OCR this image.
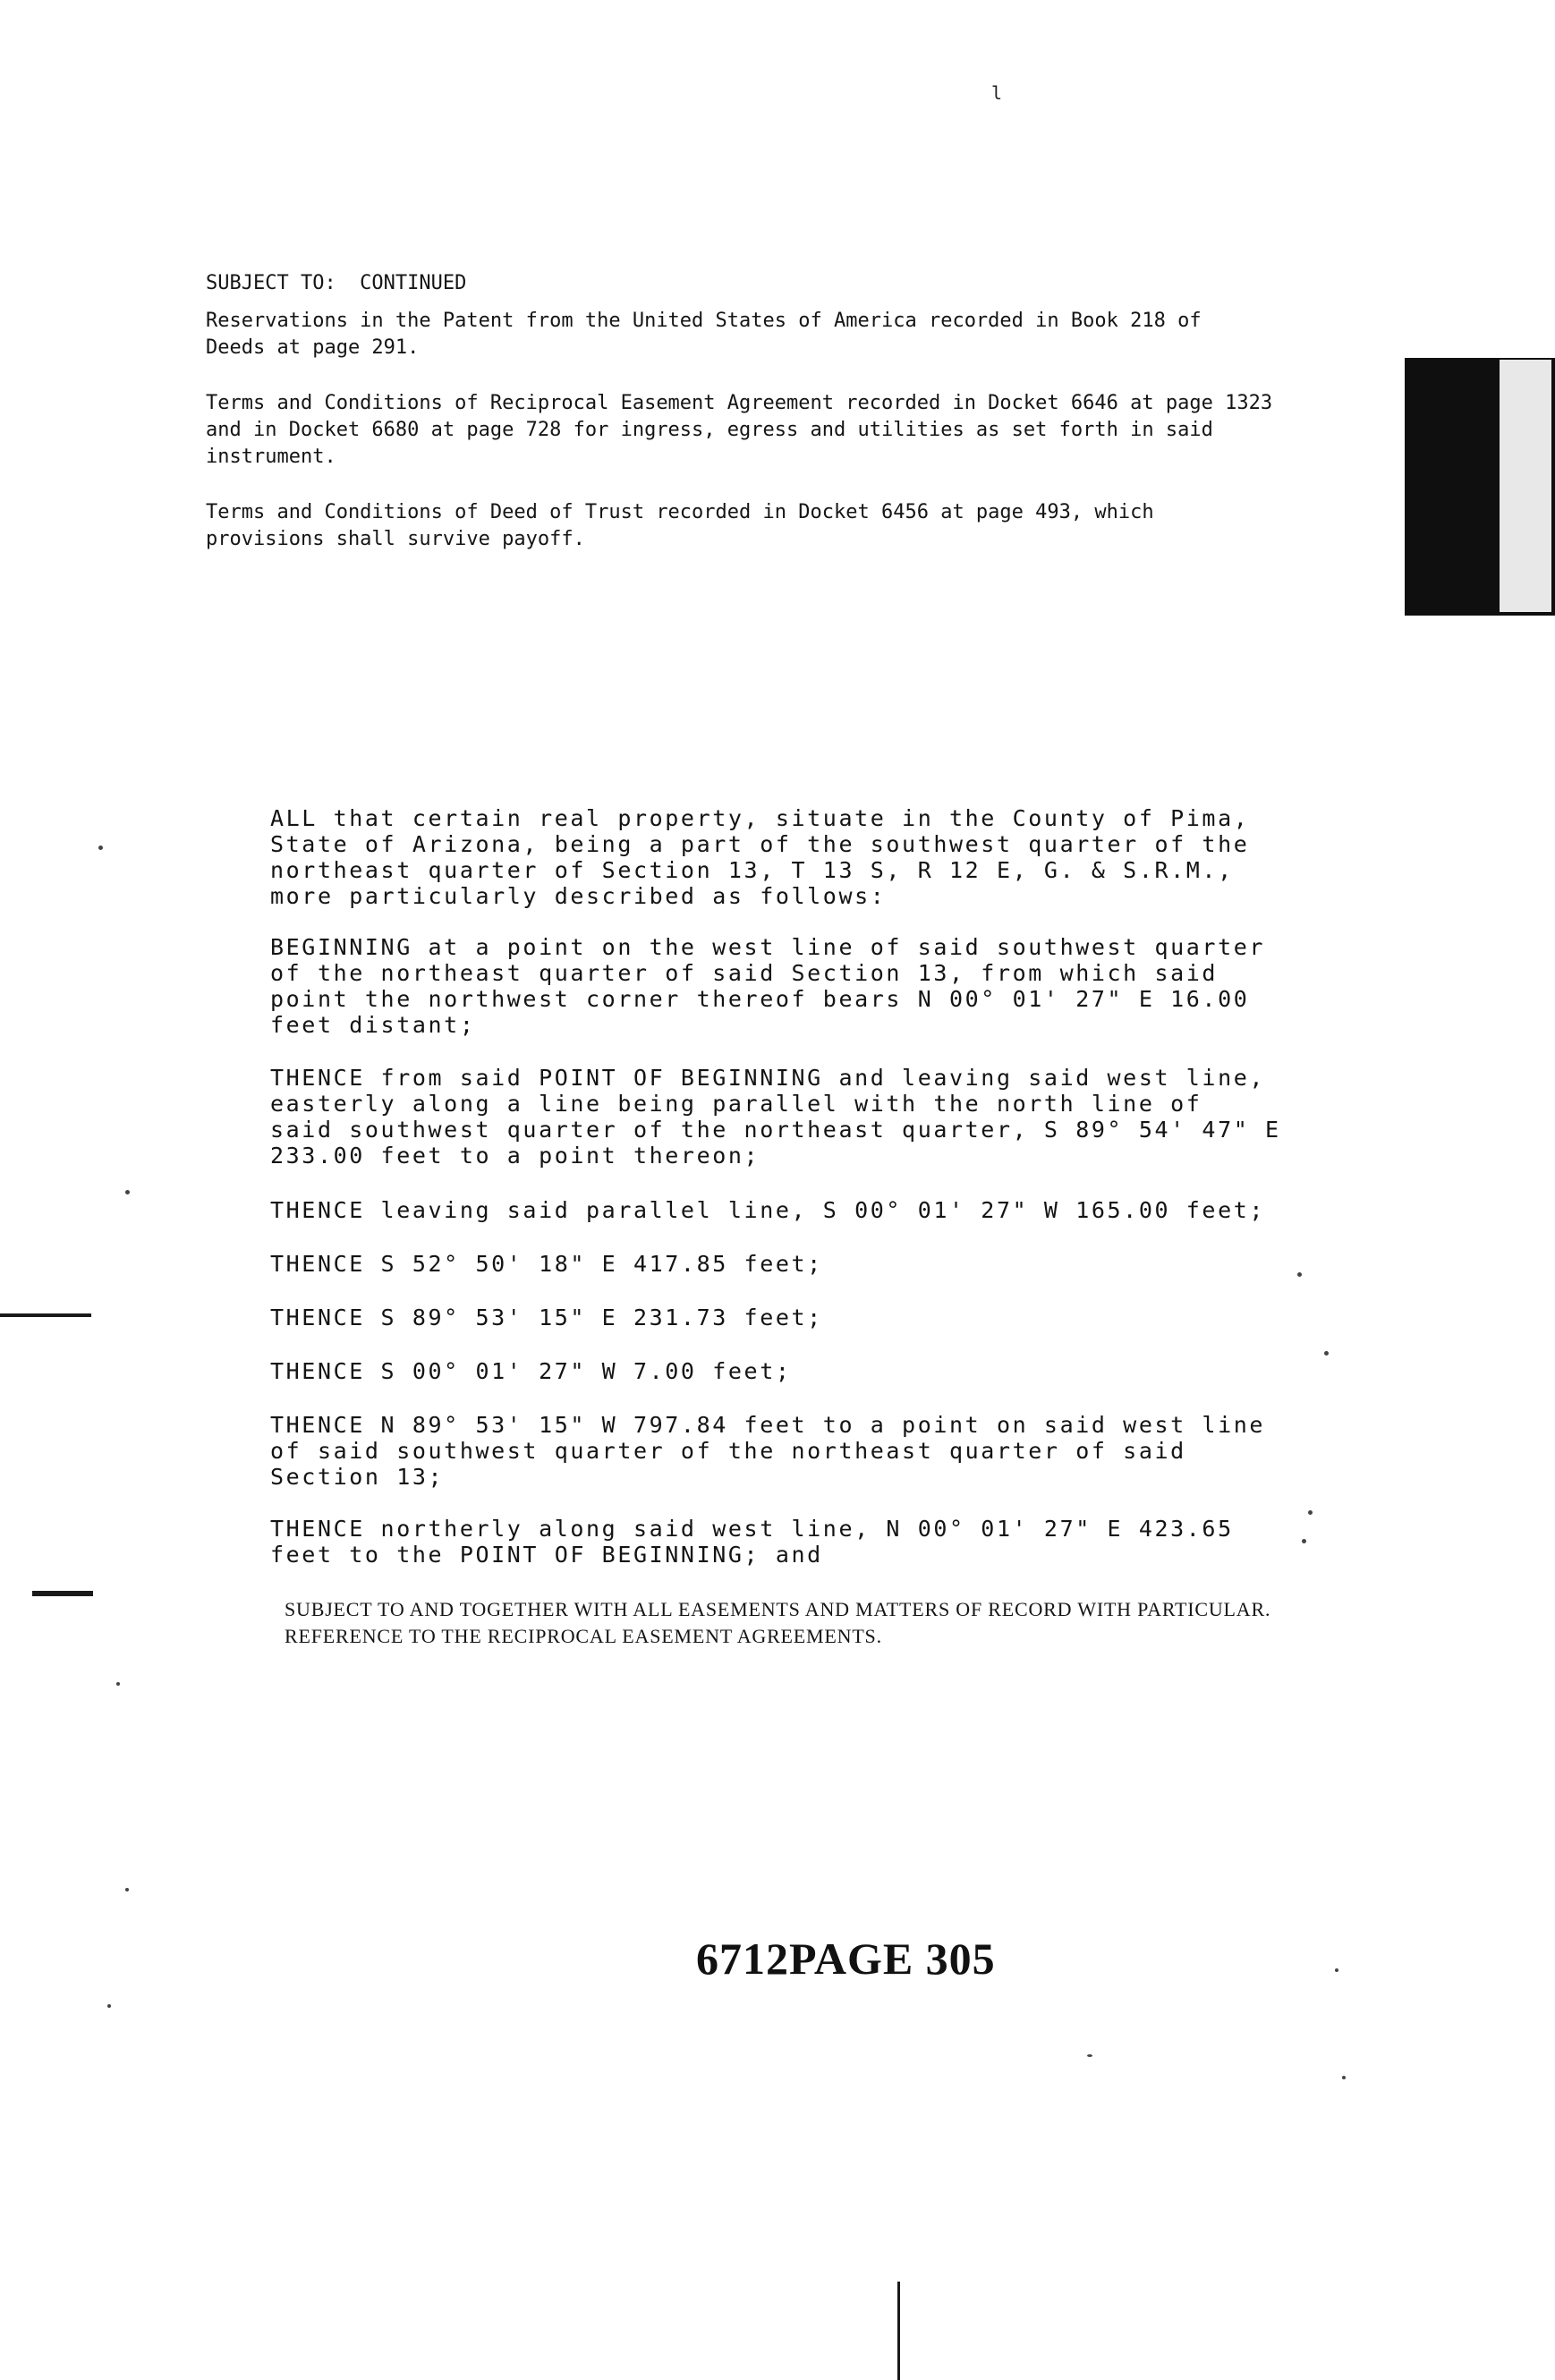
l

SUBJECT TO:  CONTINUED

Reservations in the Patent from the United States of America recorded in Book 218 of
Deeds at page 291.

Terms and Conditions of Reciprocal Easement Agreement recorded in Docket 6646 at page 1323
and in Docket 6680 at page 728 for ingress, egress and utilities as set forth in said
instrument.

Terms and Conditions of Deed of Trust recorded in Docket 6456 at page 493, which
provisions shall survive payoff.

ALL that certain real property, situate in the County of Pima,
State of Arizona, being a part of the southwest quarter of the
northeast quarter of Section 13, T 13 S, R 12 E, G. & S.R.M.,
more particularly described as follows:

BEGINNING at a point on the west line of said southwest quarter
of the northeast quarter of said Section 13, from which said
point the northwest corner thereof bears N 00° 01' 27" E 16.00
feet distant;

THENCE from said POINT OF BEGINNING and leaving said west line,
easterly along a line being parallel with the north line of
said southwest quarter of the northeast quarter, S 89° 54' 47" E
233.00 feet to a point thereon;

THENCE leaving said parallel line, S 00° 01' 27" W 165.00 feet;

THENCE S 52° 50' 18" E 417.85 feet;

THENCE S 89° 53' 15" E 231.73 feet;

THENCE S 00° 01' 27" W 7.00 feet;

THENCE N 89° 53' 15" W 797.84 feet to a point on said west line
of said southwest quarter of the northeast quarter of said
Section 13;

THENCE northerly along said west line, N 00° 01' 27" E 423.65
feet to the POINT OF BEGINNING; and

SUBJECT TO AND TOGETHER WITH ALL EASEMENTS AND MATTERS OF RECORD WITH PARTICULAR.
REFERENCE TO THE RECIPROCAL EASEMENT AGREEMENTS.

6712PAGE 305
